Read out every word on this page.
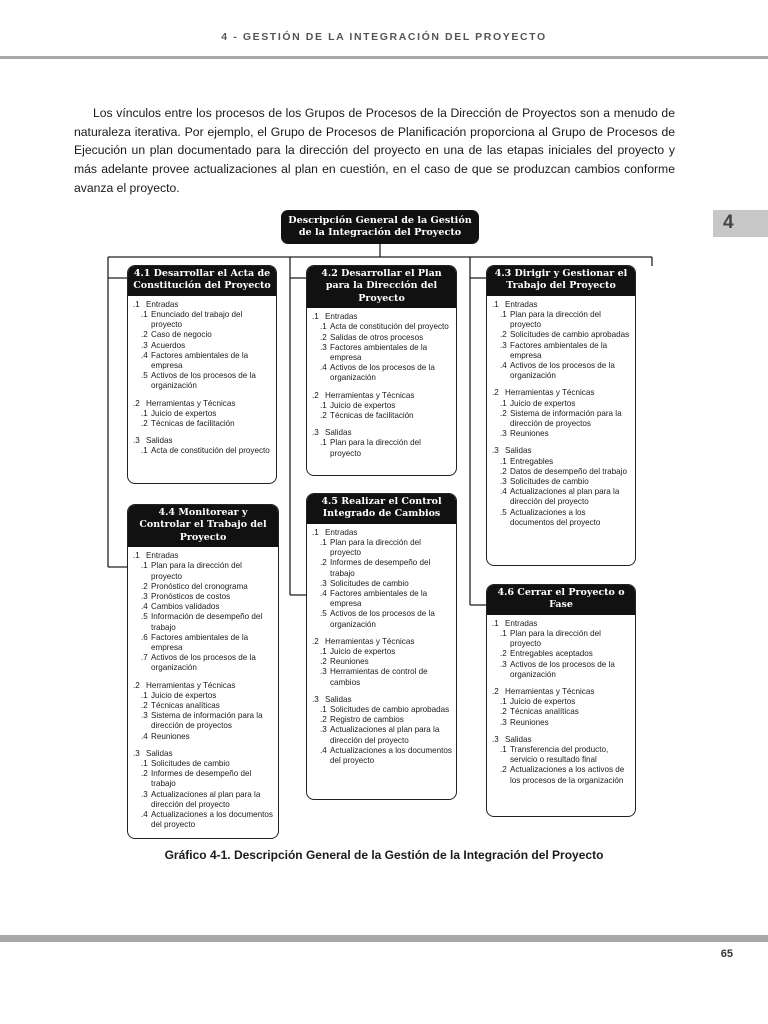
4 - GESTIÓN DE LA INTEGRACIÓN DEL PROYECTO
4

Los vínculos entre los procesos de los Grupos de Procesos de la Dirección de Proyectos son a menudo de naturaleza iterativa. Por ejemplo, el Grupo de Procesos de Planificación proporciona al Grupo de Procesos de Ejecución un plan documentado para la dirección del proyecto en una de las etapas iniciales del proyecto y más adelante provee actualizaciones al plan en cuestión, en el caso de que se produzcan cambios conforme avanza el proyecto.

Descripción General de la Gestión de la Integración del Proyecto
4.1 Desarrollar el Acta de Constitución del Proyecto
.1 Entradas
.1 Enunciado del trabajo del proyecto
.2 Caso de negocio
.3 Acuerdos
.4 Factores ambientales de la empresa
.5 Activos de los procesos de la organización
.2 Herramientas y Técnicas
.1 Juicio de expertos
.2 Técnicas de facilitación
.3 Salidas
.1 Acta de constitución del proyecto
4.2 Desarrollar el Plan para la Dirección del Proyecto
.1 Entradas
.1 Acta de constitución del proyecto
.2 Salidas de otros procesos
.3 Factores ambientales de la empresa
.4 Activos de los procesos de la organización
.2 Herramientas y Técnicas
.1 Juicio de expertos
.2 Técnicas de facilitación
.3 Salidas
.1 Plan para la dirección del proyecto
4.3 Dirigir y Gestionar el Trabajo del Proyecto
.1 Entradas
.1 Plan para la dirección del proyecto
.2 Solicitudes de cambio aprobadas
.3 Factores ambientales de la empresa
.4 Activos de los procesos de la organización
.2 Herramientas y Técnicas
.1 Juicio de expertos
.2 Sistema de información para la dirección de proyectos
.3 Reuniones
.3 Salidas
.1 Entregables
.2 Datos de desempeño del trabajo
.3 Solicitudes de cambio
.4 Actualizaciones al plan para la dirección del proyecto
.5 Actualizaciones a los documentos del proyecto
4.4 Monitorear y Controlar el Trabajo del Proyecto
.1 Entradas
.1 Plan para la dirección del proyecto
.2 Pronóstico del cronograma
.3 Pronósticos de costos
.4 Cambios validados
.5 Información de desempeño del trabajo
.6 Factores ambientales de la empresa
.7 Activos de los procesos de la organización
.2 Herramientas y Técnicas
.1 Juicio de expertos
.2 Técnicas analíticas
.3 Sistema de información para la dirección de proyectos
.4 Reuniones
.3 Salidas
.1 Solicitudes de cambio
.2 Informes de desempeño del trabajo
.3 Actualizaciones al plan para la dirección del proyecto
.4 Actualizaciones a los documentos del proyecto
4.5 Realizar el Control Integrado de Cambios
.1 Entradas
.1 Plan para la dirección del proyecto
.2 Informes de desempeño del trabajo
.3 Solicitudes de cambio
.4 Factores ambientales de la empresa
.5 Activos de los procesos de la organización
.2 Herramientas y Técnicas
.1 Juicio de expertos
.2 Reuniones
.3 Herramientas de control de cambios
.3 Salidas
.1 Solicitudes de cambio aprobadas
.2 Registro de cambios
.3 Actualizaciones al plan para la dirección del proyecto
.4 Actualizaciones a los documentos del proyecto
4.6 Cerrar el Proyecto o Fase
.1 Entradas
.1 Plan para la dirección del proyecto
.2 Entregables aceptados
.3 Activos de los procesos de la organización
.2 Herramientas y Técnicas
.1 Juicio de expertos
.2 Técnicas analíticas
.3 Reuniones
.3 Salidas
.1 Transferencia del producto, servicio o resultado final
.2 Actualizaciones a los activos de los procesos de la organización
Gráfico 4-1. Descripción General de la Gestión de la Integración del Proyecto
65
